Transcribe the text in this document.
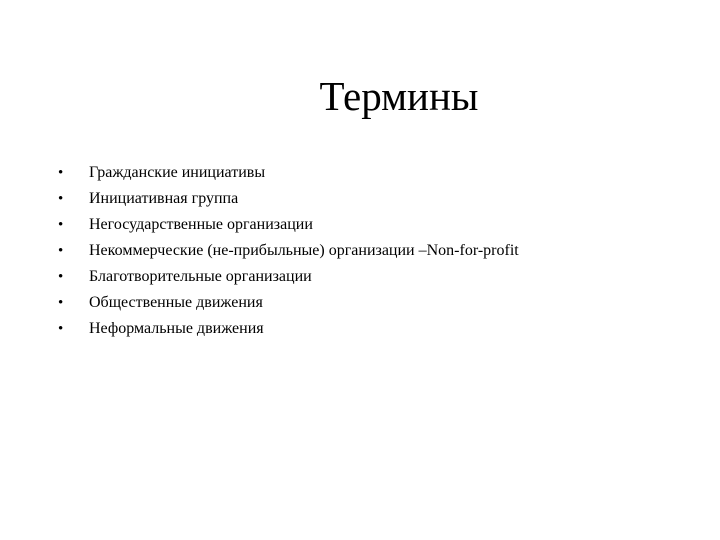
Термины
•	Гражданские инициативы
•	Инициативная группа
•	Негосударственные организации
•	Некоммерческие (не-прибыльные) организации –Non-for-profit
•	Благотворительные организации
•	Общественные движения
•	Неформальные движения
